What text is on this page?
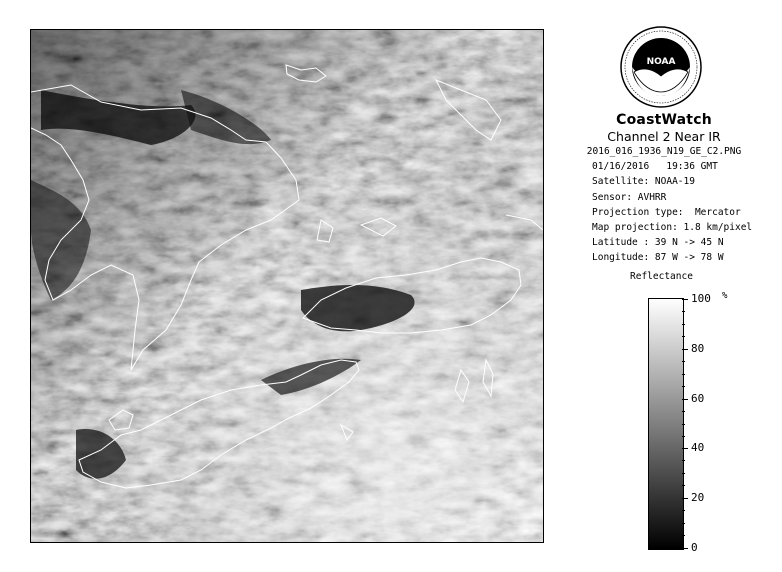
NOAA
CoastWatch
Channel 2 Near IR
2016_016_1936_N19_GE_C2.PNG
01/16/2016   19:36 GMT
Satellite: NOAA-19
Sensor: AVHRR
Projection type:  Mercator
Map projection: 1.8 km/pixel
Latitude : 39 N -> 45 N
Longitude: 87 W -> 78 W
Reflectance
%
100
80
60
40
20
0
